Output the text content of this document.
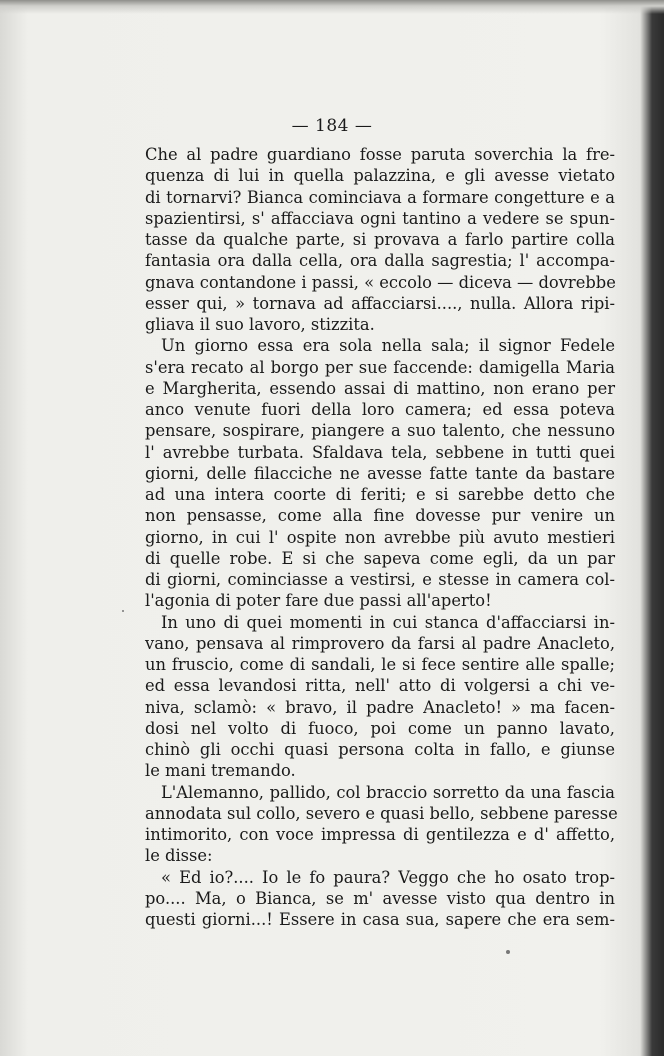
— 184 —
Che al padre guardiano fosse paruta soverchia la fre-
quenza di lui in quella palazzina, e gli avesse vietato
di tornarvi? Bianca cominciava a formare congetture e a
spazientirsi, s' affacciava ogni tantino a vedere se spun-
tasse da qualche parte, si provava a farlo partire colla
fantasia ora dalla cella, ora dalla sagrestia; l' accompa-
gnava contandone i passi, « eccolo — diceva — dovrebbe
esser qui, » tornava ad affacciarsi...., nulla. Allora ripi-
gliava il suo lavoro, stizzita.
Un giorno essa era sola nella sala; il signor Fedele
s'era recato al borgo per sue faccende: damigella Maria
e Margherita, essendo assai di mattino, non erano per
anco venute fuori della loro camera; ed essa poteva
pensare, sospirare, piangere a suo talento, che nessuno
l' avrebbe turbata. Sfaldava tela, sebbene in tutti quei
giorni, delle filacciche ne avesse fatte tante da bastare
ad una intera coorte di feriti; e si sarebbe detto che
non pensasse, come alla fine dovesse pur venire un
giorno, in cui l' ospite non avrebbe più avuto mestieri
di quelle robe. E si che sapeva come egli, da un par
di giorni, cominciasse a vestirsi, e stesse in camera col-
l'agonia di poter fare due passi all'aperto!
In uno di quei momenti in cui stanca d'affacciarsi in-
vano, pensava al rimprovero da farsi al padre Anacleto,
un fruscio, come di sandali, le si fece sentire alle spalle;
ed essa levandosi ritta, nell' atto di volgersi a chi ve-
niva, sclamò: « bravo, il padre Anacleto! » ma facen-
dosi nel volto di fuoco, poi come un panno lavato,
chinò gli occhi quasi persona colta in fallo, e giunse
le mani tremando.
L'Alemanno, pallido, col braccio sorretto da una fascia
annodata sul collo, severo e quasi bello, sebbene paresse
intimorito, con voce impressa di gentilezza e d' affetto,
le disse:
« Ed io?.... Io le fo paura? Veggo che ho osato trop-
po.... Ma, o Bianca, se m' avesse visto qua dentro in
questi giorni...! Essere in casa sua, sapere che era sem-
